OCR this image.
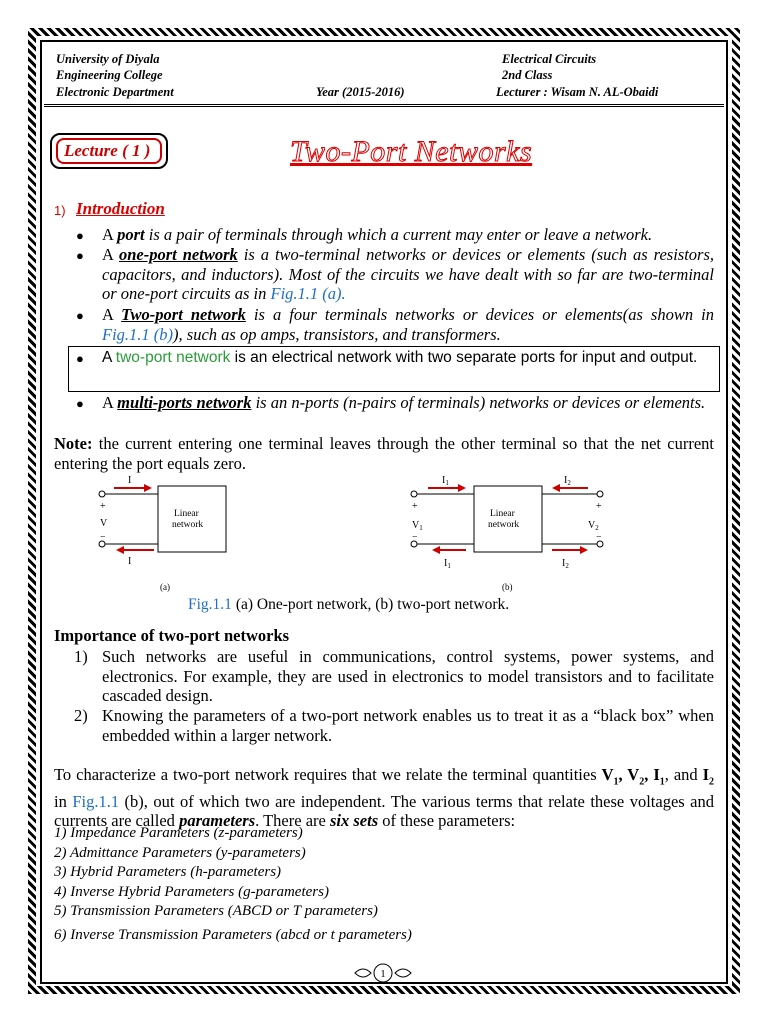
University of Diyala
Engineering College
Electronic Department	Year (2015-2016)
Electrical Circuits
2nd Class
Lecturer : Wisam N. AL-Obaidi
Lecture ( 1 )	Two-Port Networks
1) Introduction
● A port is a pair of terminals through which a current may enter or leave a network.
● A one-port network is a two-terminal networks or devices or elements (such as resistors, capacitors, and inductors). Most of the circuits we have dealt with so far are two-terminal or one-port circuits as in Fig.1.1 (a).
● A Two-port network is a four terminals networks or devices or elements(as shown in Fig.1.1 (b)), such as op amps, transistors, and transformers.
● A two-port network is an electrical network with two separate ports for input and output.
● A multi-ports network is an n-ports (n-pairs of terminals) networks or devices or elements.
Note: the current entering one terminal leaves through the other terminal so that the net current entering the port equals zero.
I
I
+
V
−
Linear
network
(a)
$I_1$
$I_1$
$I_2$
$I_2$
+
$V_1$
−
+
$V_2$
−
Linear
network
(b)
Fig.1.1 (a) One-port network, (b) two-port network.
Importance of two-port networks
1) Such networks are useful in communications, control systems, power systems, and electronics. For example, they are used in electronics to model transistors and to facilitate cascaded design.
2) Knowing the parameters of a two-port network enables us to treat it as a “black box” when embedded within a larger network.
To characterize a two-port network requires that we relate the terminal quantities $V_1$, $V_2$, $I_1$, and $I_2$ in Fig.1.1 (b), out of which two are independent. The various terms that relate these voltages and currents are called parameters. There are six sets of these parameters:
1) Impedance Parameters (z-parameters)
2) Admittance Parameters (y-parameters)
3) Hybrid Parameters (h-parameters)
4) Inverse Hybrid Parameters (g-parameters)
5) Transmission Parameters (ABCD or T parameters)
6) Inverse Transmission Parameters (abcd or t parameters)
1
